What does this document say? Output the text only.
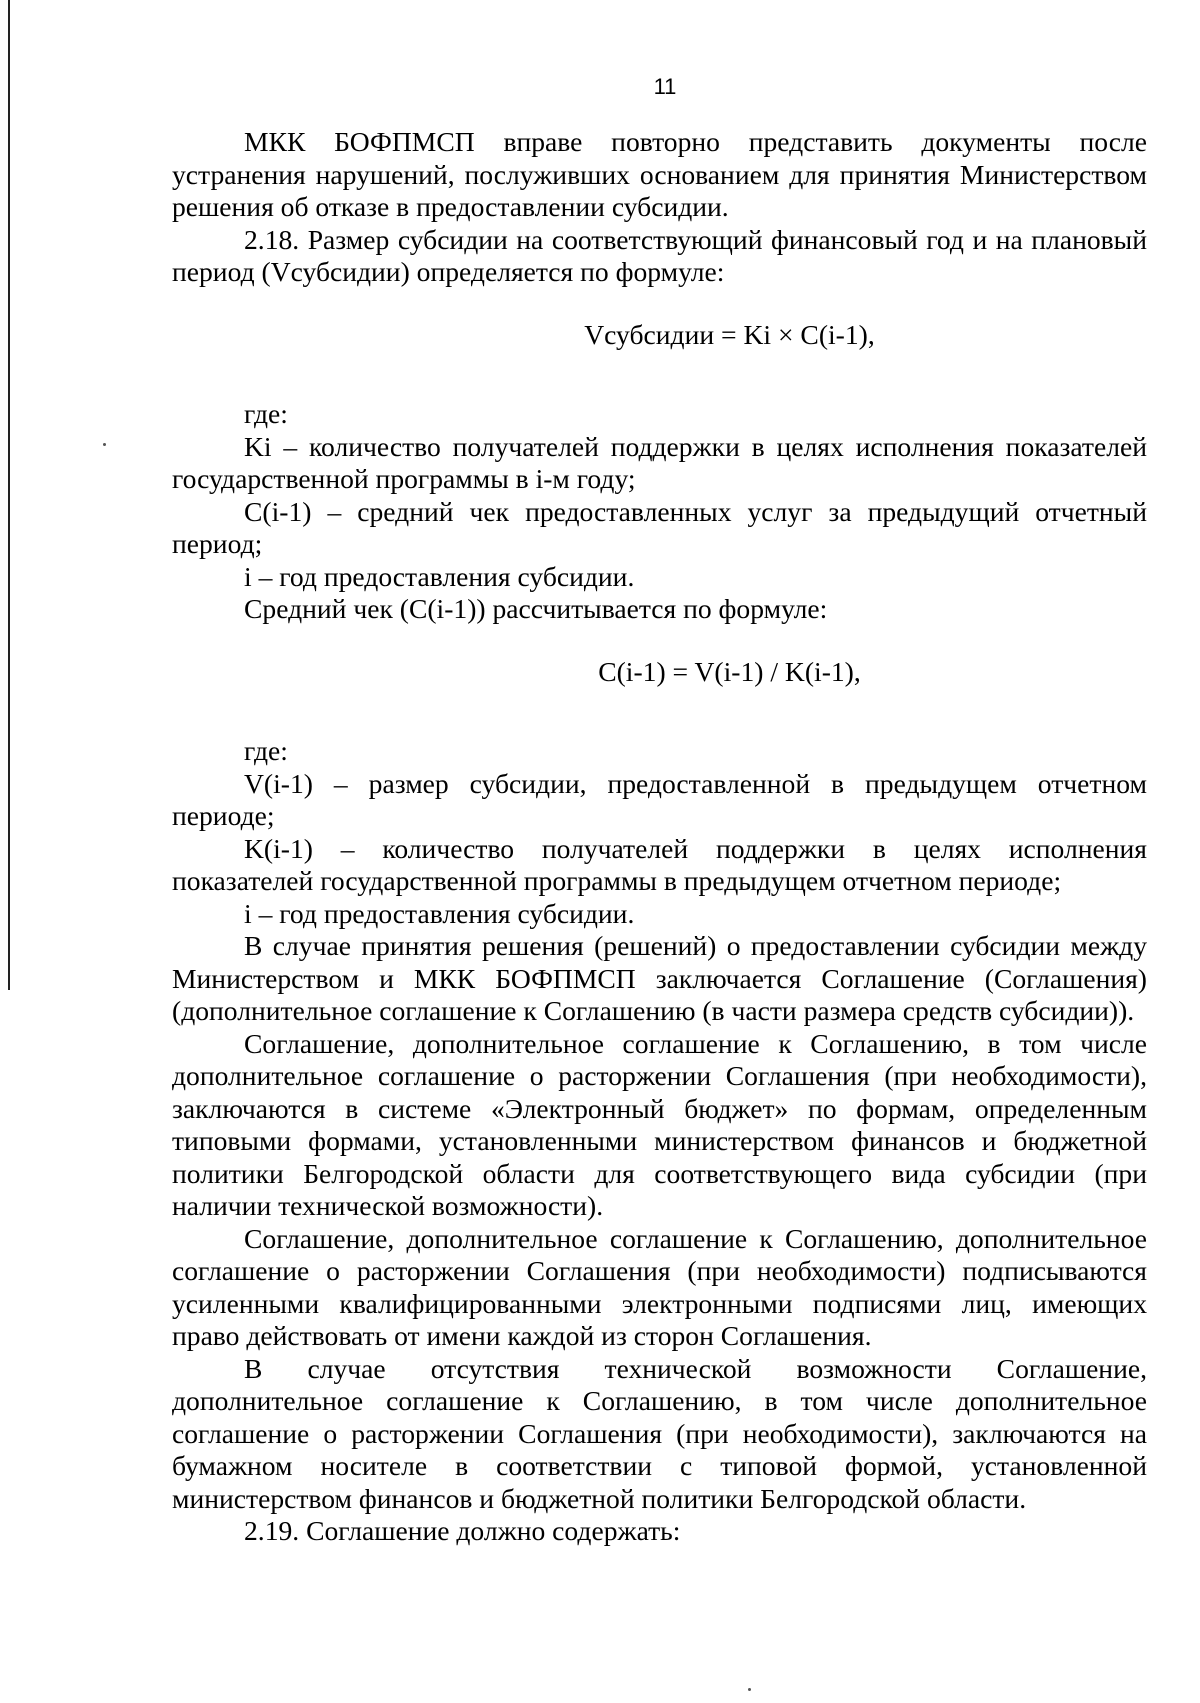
11

МКК БОФПМСП вправе повторно представить документы после устранения нарушений, послуживших основанием для принятия Министерством решения об отказе в предоставлении субсидии.

2.18. Размер субсидии на соответствующий финансовый год и на плановый период (Vсубсидии) определяется по формуле:

Vсубсидии = Ki × C(i-1),

где:

Ki – количество получателей поддержки в целях исполнения показателей государственной программы в i-м году;

C(i-1) – средний чек предоставленных услуг за предыдущий отчетный период;

i – год предоставления субсидии.

Средний чек (C(i-1)) рассчитывается по формуле:

C(i-1) = V(i-1) / K(i-1),

где:

V(i-1) – размер субсидии, предоставленной в предыдущем отчетном периоде;

K(i-1) – количество получателей поддержки в целях исполнения показателей государственной программы в предыдущем отчетном периоде;

i – год предоставления субсидии.

В случае принятия решения (решений) о предоставлении субсидии между Министерством и МКК БОФПМСП заключается Соглашение (Соглашения) (дополнительное соглашение к Соглашению (в части размера средств субсидии)).

Соглашение, дополнительное соглашение к Соглашению, в том числе дополнительное соглашение о расторжении Соглашения (при необходимости), заключаются в системе «Электронный бюджет» по формам, определенным типовыми формами, установленными министерством финансов и бюджетной политики Белгородской области для соответствующего вида субсидии (при наличии технической возможности).

Соглашение, дополнительное соглашение к Соглашению, дополнительное соглашение о расторжении Соглашения (при необходимости) подписываются усиленными квалифицированными электронными подписями лиц, имеющих право действовать от имени каждой из сторон Соглашения.

В случае отсутствия технической возможности Соглашение, дополнительное соглашение к Соглашению, в том числе дополнительное соглашение о расторжении Соглашения (при необходимости), заключаются на бумажном носителе в соответствии с типовой формой, установленной министерством финансов и бюджетной политики Белгородской области.

2.19. Соглашение должно содержать:
